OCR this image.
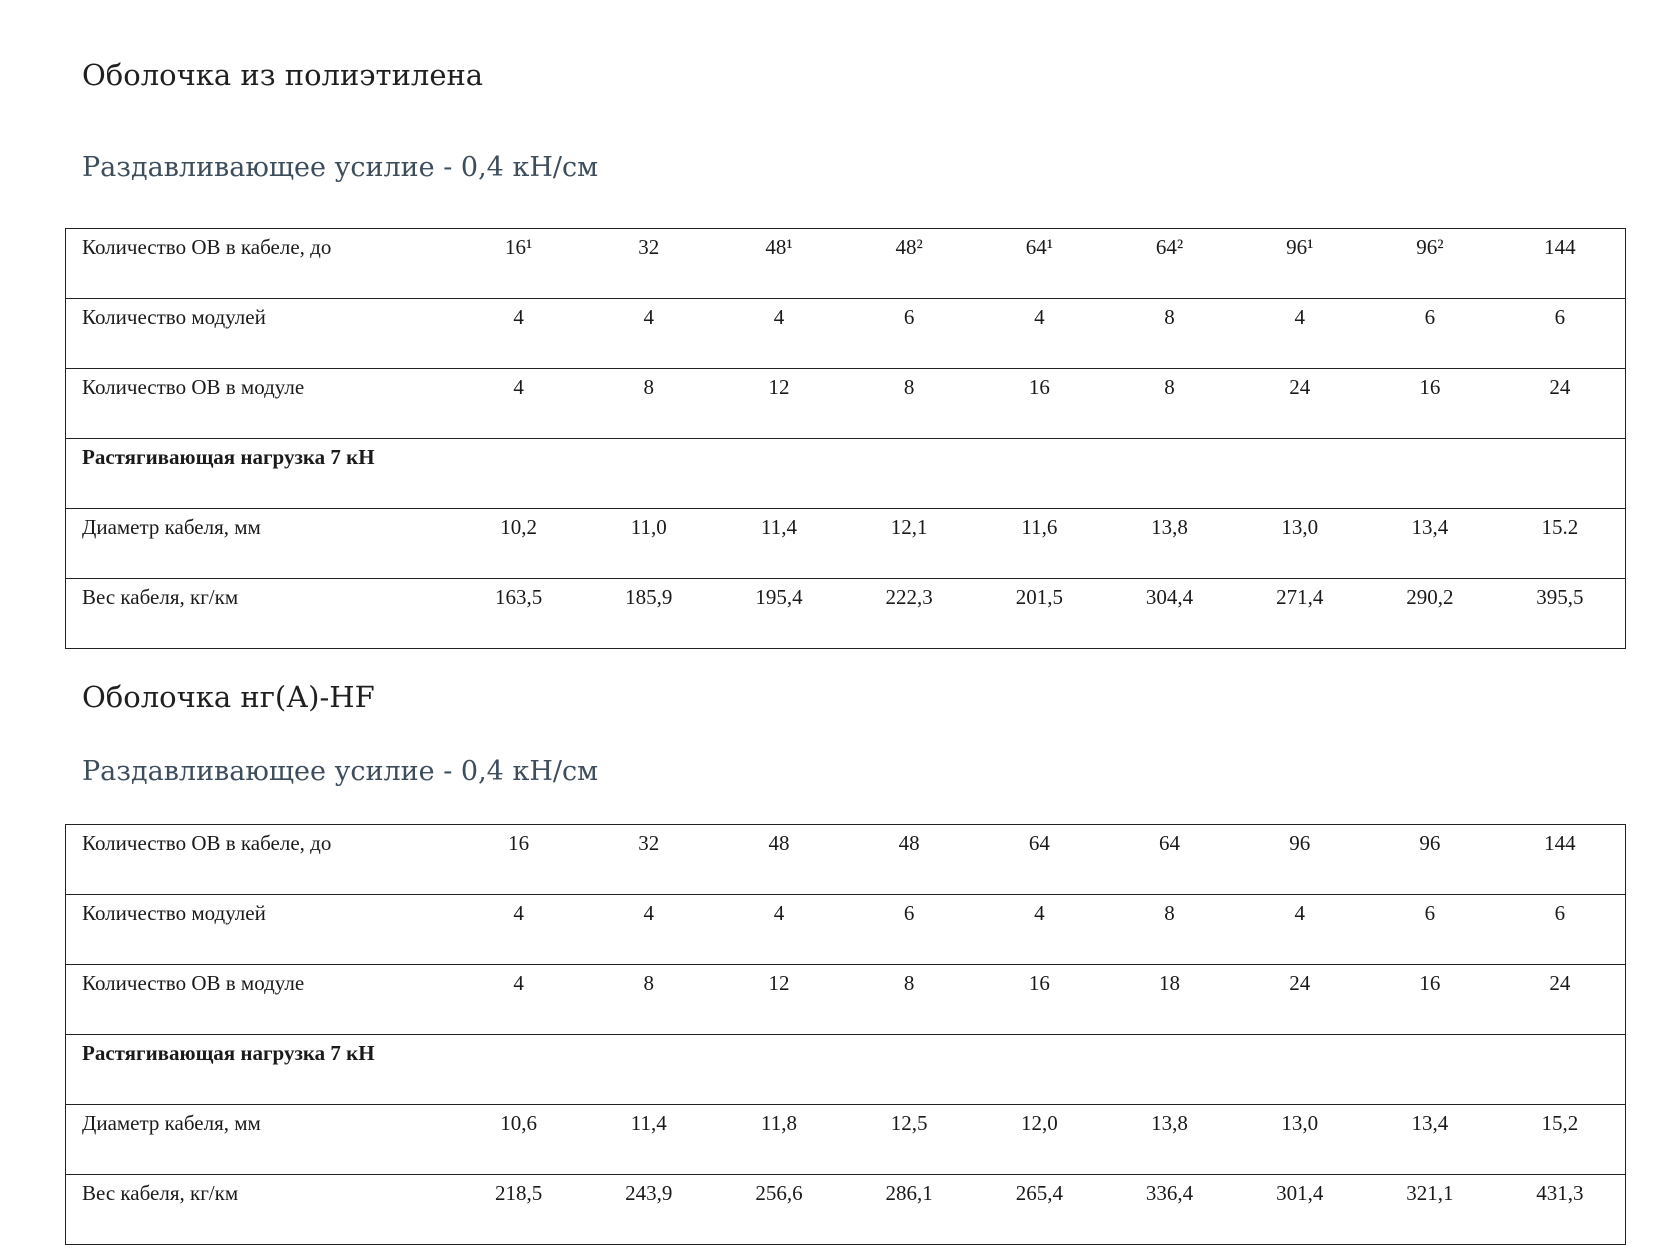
Оболочка из полиэтилена
Раздавливающее усилие - 0,4 кН/см
Количество ОВ в кабеле, до	16¹	32	48¹	48²	64¹	64²	96¹	96²	144
Количество модулей	4	4	4	6	4	8	4	6	6
Количество ОВ в модуле	4	8	12	8	16	8	24	16	24
Растягивающая нагрузка 7 кН									
Диаметр кабеля, мм	10,2	11,0	11,4	12,1	11,6	13,8	13,0	13,4	15.2
Вес кабеля, кг/км	163,5	185,9	195,4	222,3	201,5	304,4	271,4	290,2	395,5
Оболочка нг(А)-HF
Раздавливающее усилие - 0,4 кН/см
Количество ОВ в кабеле, до	16	32	48	48	64	64	96	96	144
Количество модулей	4	4	4	6	4	8	4	6	6
Количество ОВ в модуле	4	8	12	8	16	18	24	16	24
Растягивающая нагрузка 7 кН									
Диаметр кабеля, мм	10,6	11,4	11,8	12,5	12,0	13,8	13,0	13,4	15,2
Вес кабеля, кг/км	218,5	243,9	256,6	286,1	265,4	336,4	301,4	321,1	431,3
